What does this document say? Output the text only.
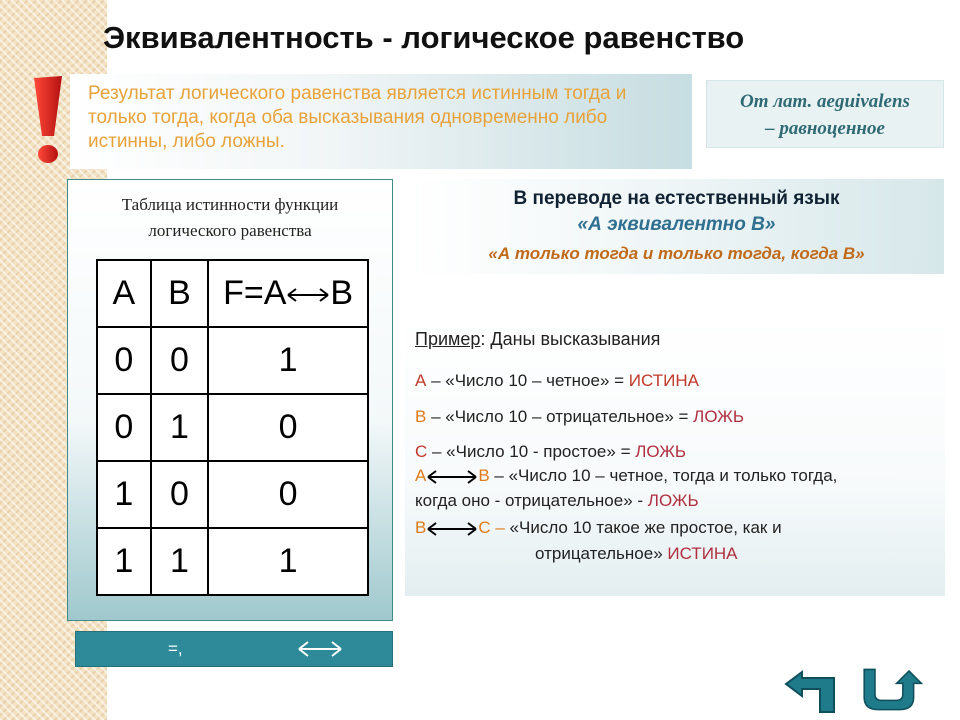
Эквивалентность - логическое равенство
Результат логического равенства является истинным тогда и только тогда, когда оба высказывания одновременно либо истинны, либо ложны.
От лат. aeguivalens
– равноценное
Таблица истинности функции
логического равенства
A	B	F=A B
0	0	1
0	1	0
1	0	0
1	1	1
В переводе на естественный язык
«А эквивалентно В»
«А только тогда и только тогда, когда В»
Пример: Даны высказывания
А – «Число 10 – четное» = ИСТИНА
В – «Число 10 – отрицательное» = ЛОЖЬ
С – «Число 10 - простое» = ЛОЖЬ
А	В – «Число 10 – четное, тогда и только тогда,
когда оно - отрицательное» - ЛОЖЬ
В	С – «Число 10 такое же простое, как и
отрицательное» ИСТИНА
=,
